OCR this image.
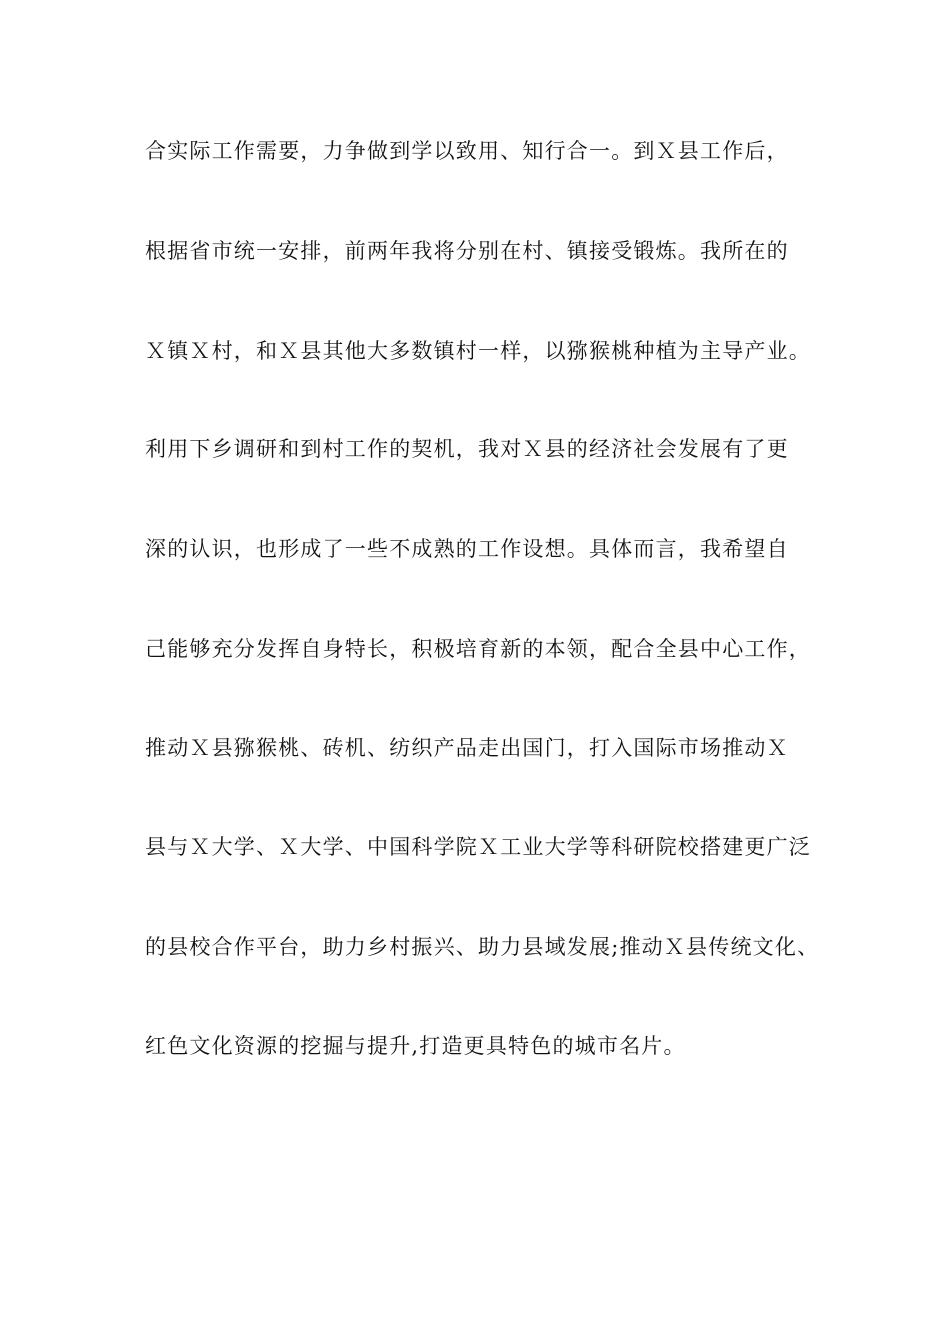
合实际工作需要，力争做到学以致用、知行合一。到Ｘ县工作后，
根据省市统一安排，前两年我将分别在村、镇接受锻炼。我所在的
Ｘ镇Ｘ村，和Ｘ县其他大多数镇村一样，以猕猴桃种植为主导产业。
利用下乡调研和到村工作的契机，我对Ｘ县的经济社会发展有了更
深的认识，也形成了一些不成熟的工作设想。具体而言，我希望自
己能够充分发挥自身特长，积极培育新的本领，配合全县中心工作，
推动Ｘ县猕猴桃、砖机、纺织产品走出国门，打入国际市场推动Ｘ
县与Ｘ大学、Ｘ大学、中国科学院Ｘ工业大学等科研院校搭建更广泛
的县校合作平台，助力乡村振兴、助力县域发展;推动Ｘ县传统文化、
红色文化资源的挖掘与提升,打造更具特色的城市名片。
